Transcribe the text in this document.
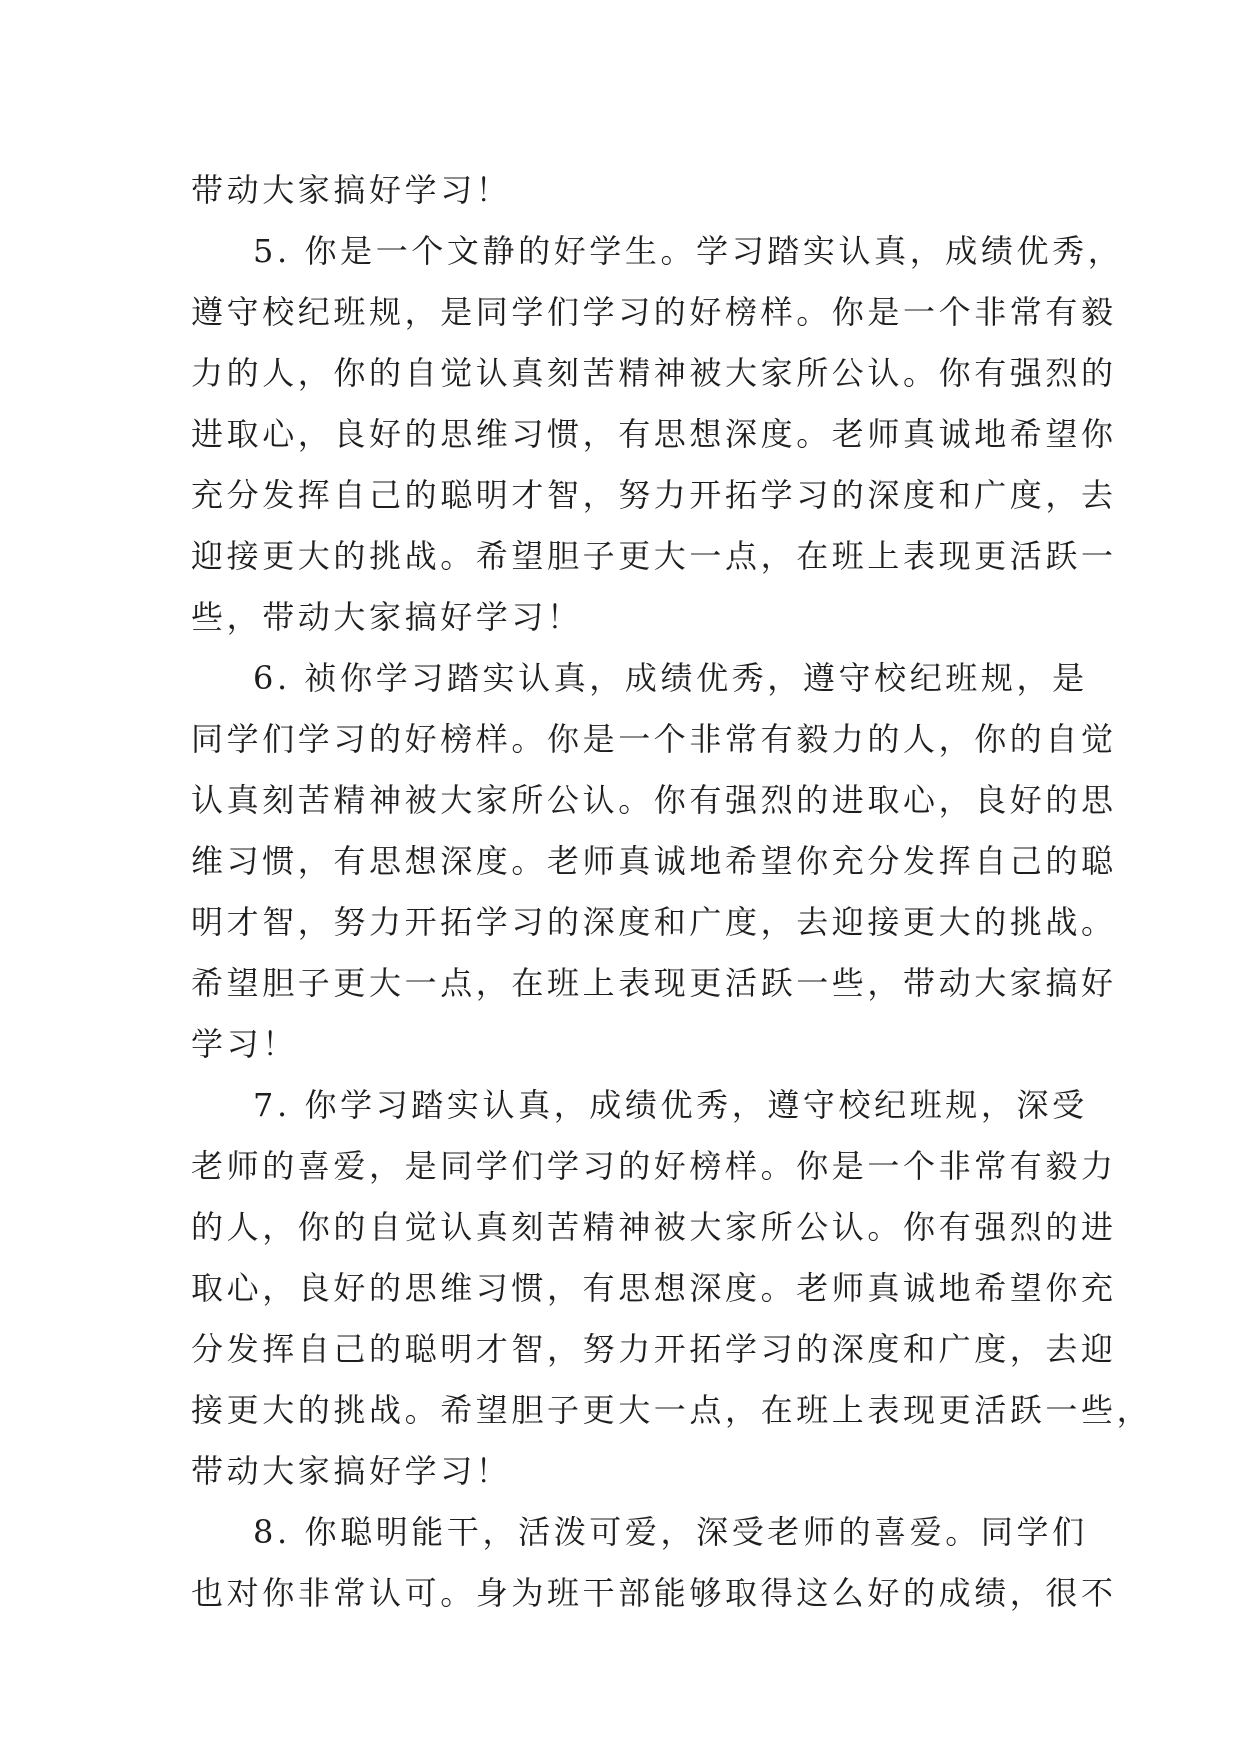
带动大家搞好学习！
5. 你是一个文静的好学生。学习踏实认真，成绩优秀，
遵守校纪班规，是同学们学习的好榜样。你是一个非常有毅
力的人，你的自觉认真刻苦精神被大家所公认。你有强烈的
进取心，良好的思维习惯，有思想深度。老师真诚地希望你
充分发挥自己的聪明才智，努力开拓学习的深度和广度，去
迎接更大的挑战。希望胆子更大一点，在班上表现更活跃一
些，带动大家搞好学习！
6. 祯你学习踏实认真，成绩优秀，遵守校纪班规，是
同学们学习的好榜样。你是一个非常有毅力的人，你的自觉
认真刻苦精神被大家所公认。你有强烈的进取心，良好的思
维习惯，有思想深度。老师真诚地希望你充分发挥自己的聪
明才智，努力开拓学习的深度和广度，去迎接更大的挑战。
希望胆子更大一点，在班上表现更活跃一些，带动大家搞好
学习！
7. 你学习踏实认真，成绩优秀，遵守校纪班规，深受
老师的喜爱，是同学们学习的好榜样。你是一个非常有毅力
的人，你的自觉认真刻苦精神被大家所公认。你有强烈的进
取心，良好的思维习惯，有思想深度。老师真诚地希望你充
分发挥自己的聪明才智，努力开拓学习的深度和广度，去迎
接更大的挑战。希望胆子更大一点，在班上表现更活跃一些，
带动大家搞好学习！
8. 你聪明能干，活泼可爱，深受老师的喜爱。同学们
也对你非常认可。身为班干部能够取得这么好的成绩，很不
